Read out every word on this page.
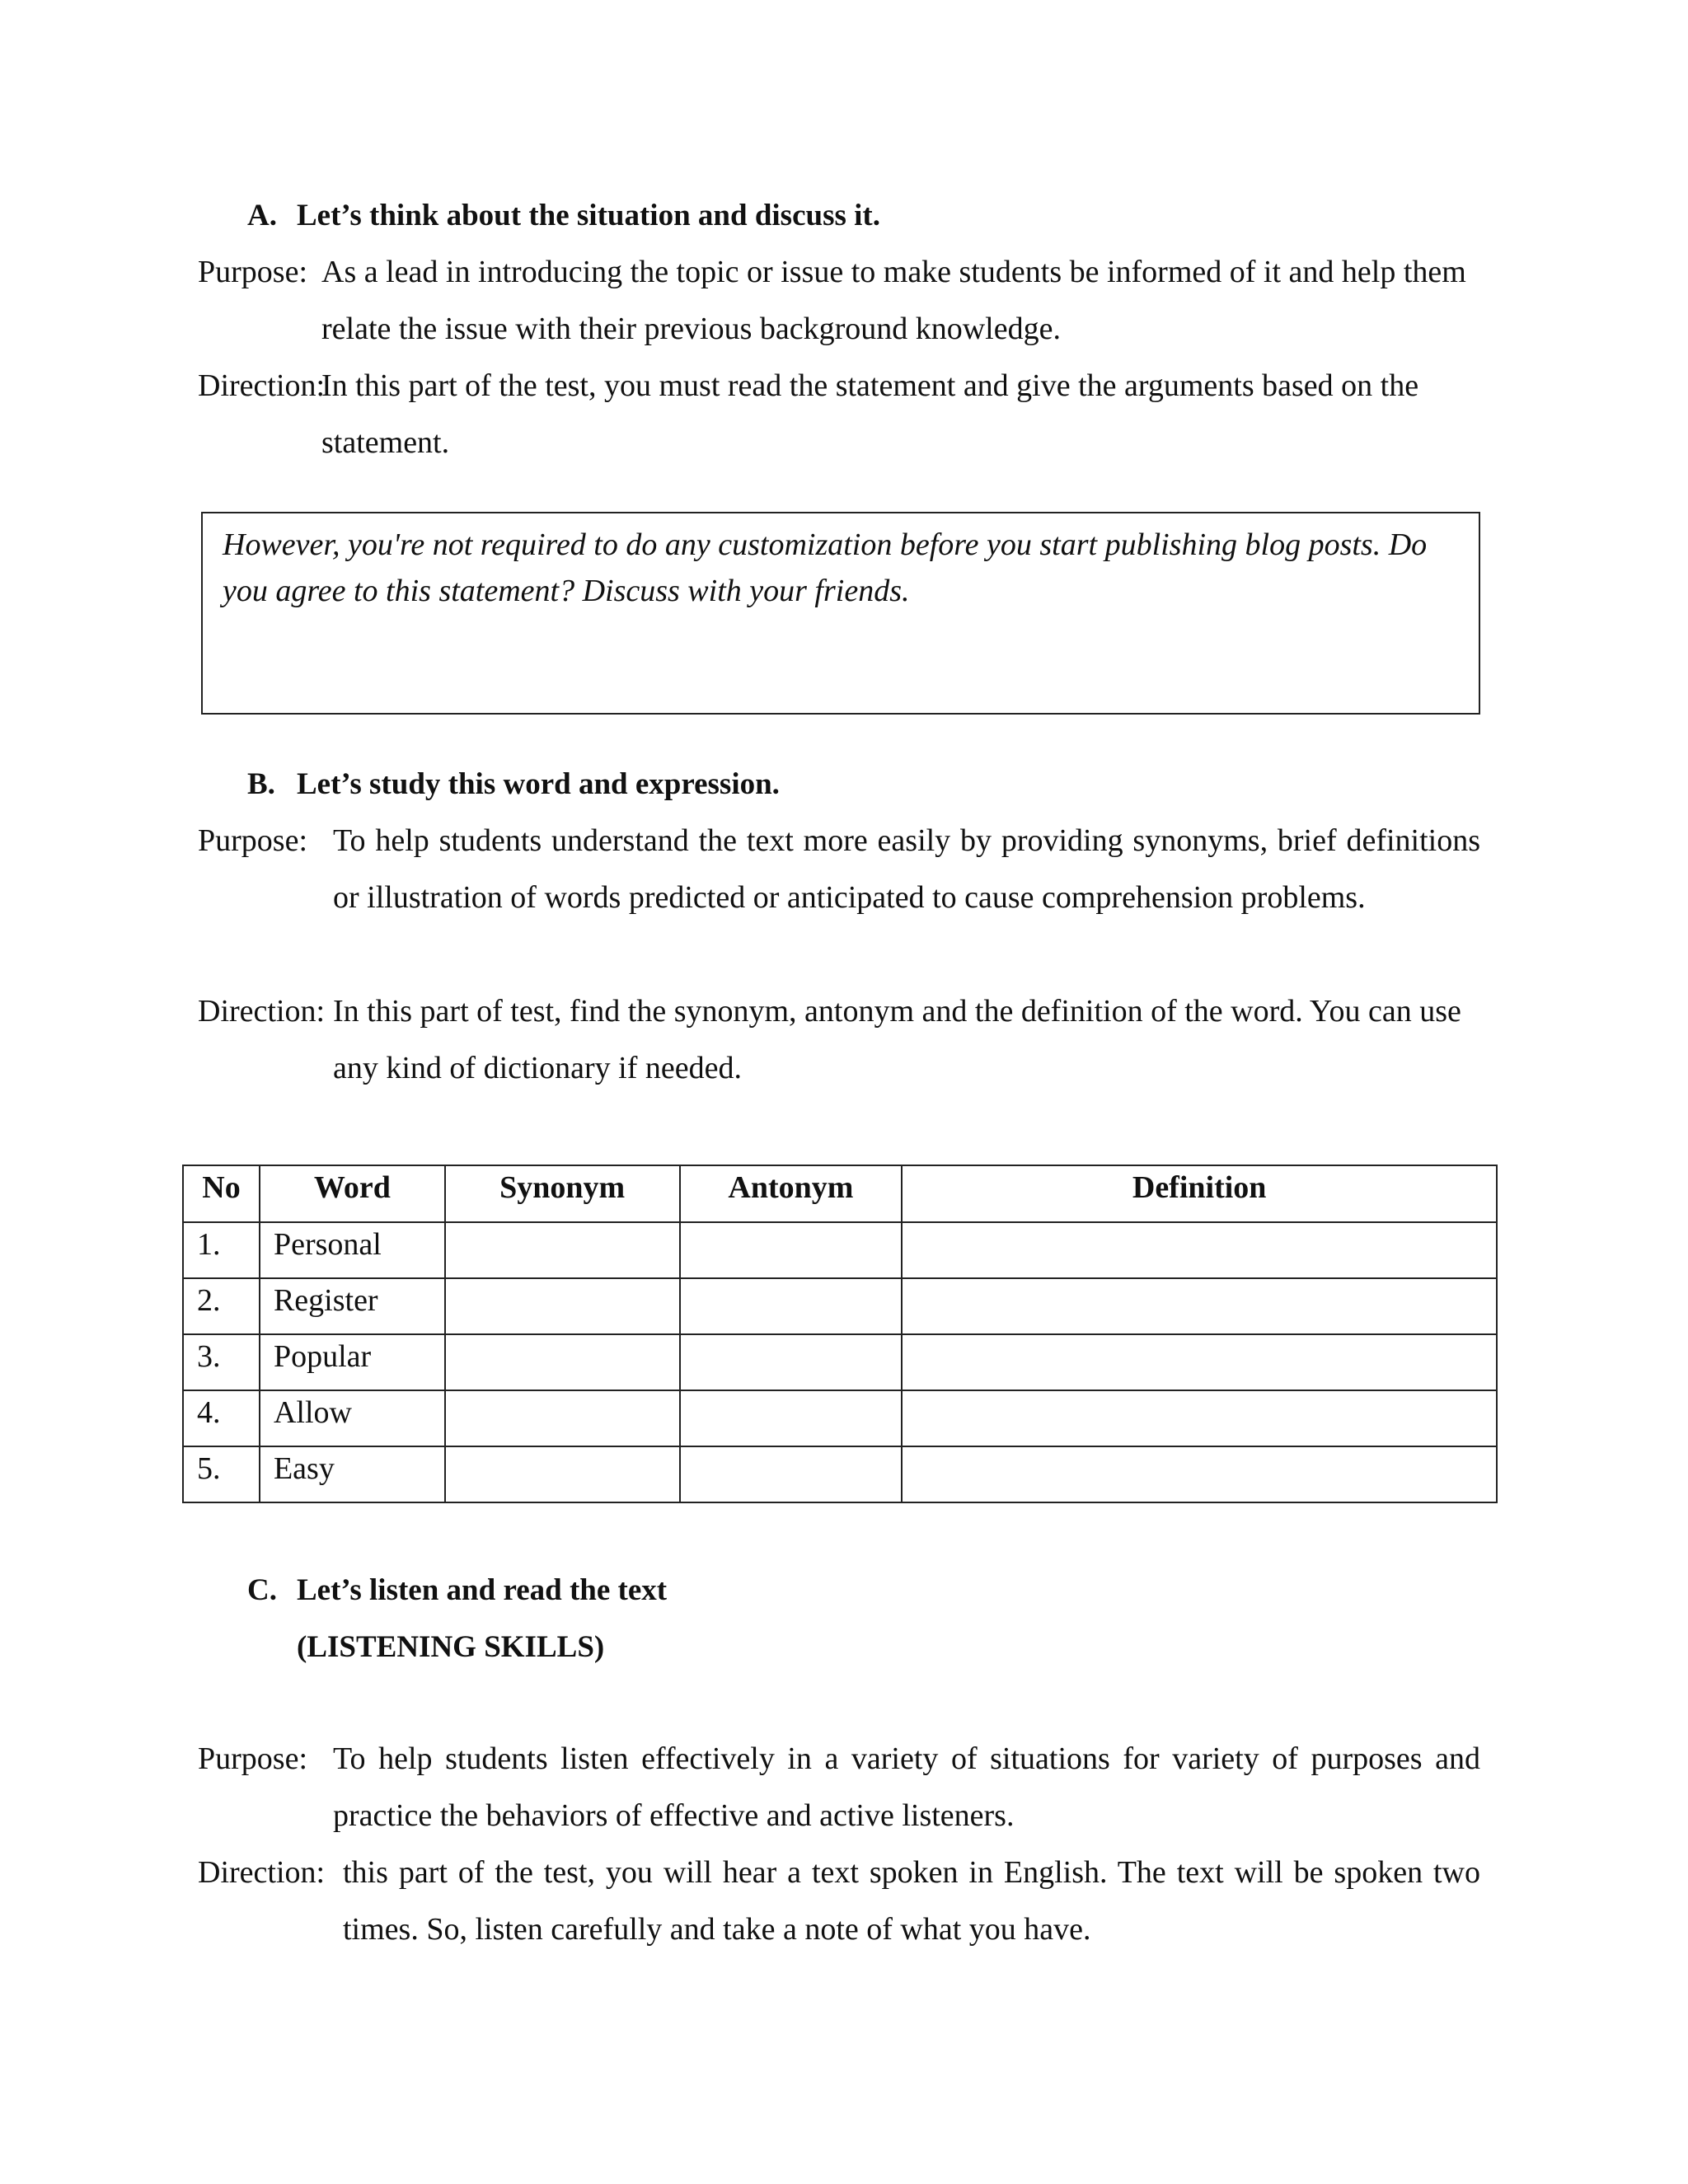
A. Let’s think about the situation and discuss it.
Purpose: As a lead in introducing the topic or issue to make students be informed of it and help them relate the issue with their previous background knowledge.
Direction:
In this part of the test, you must read the statement and give the arguments based on the statement.
However, you're not required to do any customization before you start publishing blog posts. Do you agree to this statement? Discuss with your friends.
B. Let’s study this word and expression.
Purpose: To help students understand the text more easily by providing synonyms, brief definitions or illustration of words predicted or anticipated to cause comprehension problems.
Direction: In this part of test, find the synonym, antonym and the definition of the word. You can use any kind of dictionary if needed.
No	Word	Synonym	Antonym	Definition
1.	Personal			
2.	Register			
3.	Popular			
4.	Allow			
5.	Easy			
C. Let’s listen and read the text
(LISTENING SKILLS)
Purpose: To help students listen effectively in a variety of situations for variety of purposes and practice the behaviors of effective and active listeners.
Direction: this part of the test, you will hear a text spoken in English. The text will be spoken two times. So, listen carefully and take a note of what you have.
